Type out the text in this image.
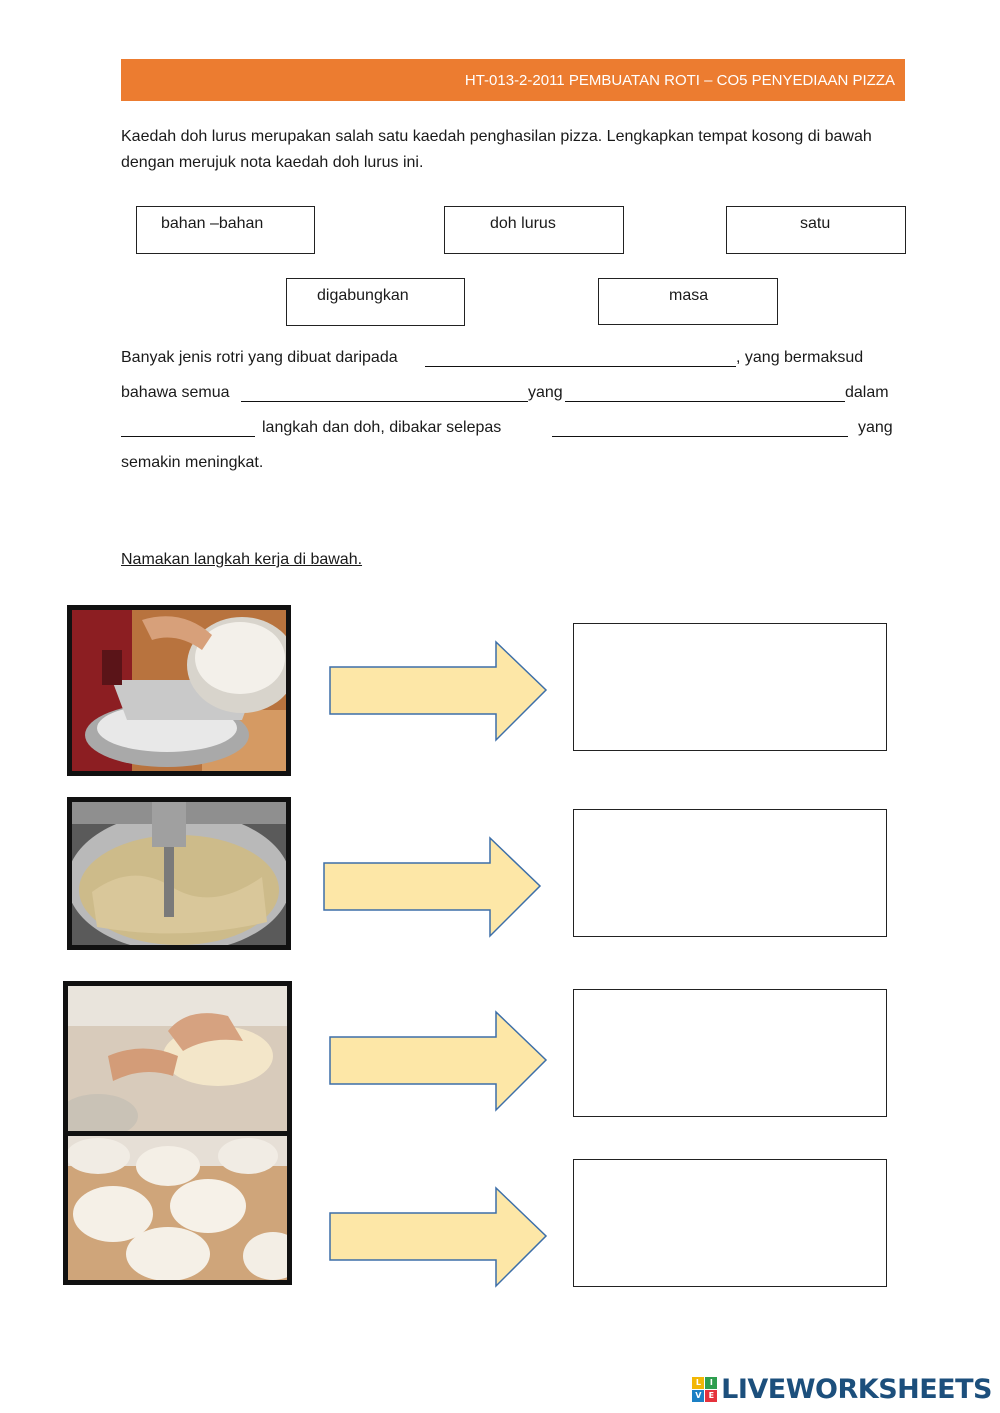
HT-013-2-2011 PEMBUATAN ROTI – CO5 PENYEDIAAN PIZZA

Kaedah doh lurus merupakan salah satu kaedah penghasilan pizza. Lengkapkan tempat kosong di bawah dengan merujuk nota kaedah doh lurus ini.

bahan –bahan	doh lurus	satu
digabungkan	masa
Banyak jenis rotri yang dibuat daripada	, yang bermaksud
bahawa semua	yang	dalam
langkah dan doh, dibakar selepas	yang
semakin meningkat.
Namakan langkah kerja di bawah.
L	I
V E LIVEWORKSHEETS
